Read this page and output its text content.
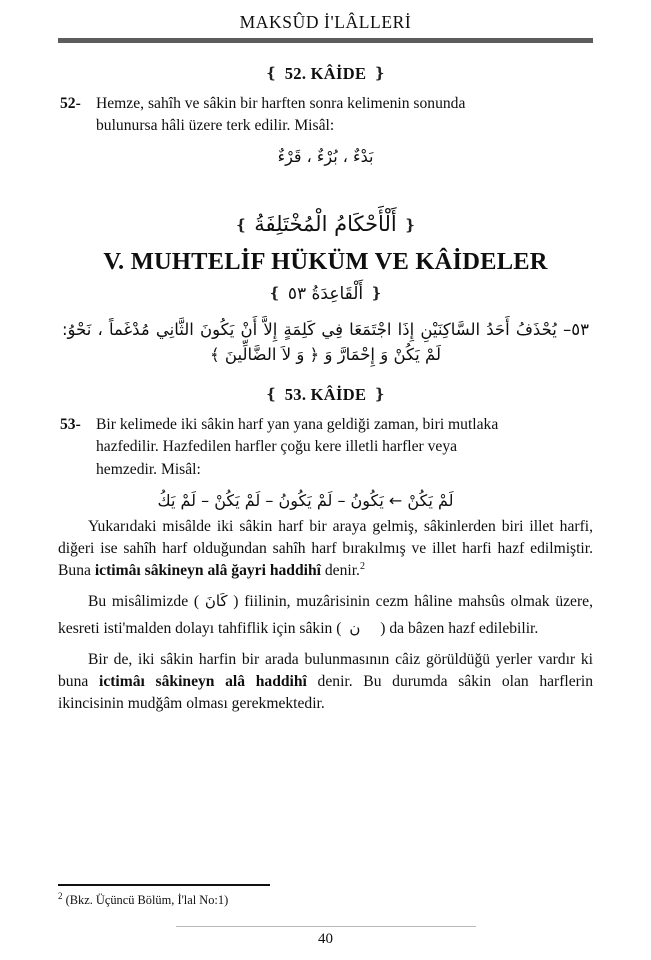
MAKSÛD İ'LÂLLERİ
❴ 52. KÂİDE ❵
52- Hemze, sahîh ve sâkin bir harften sonra kelimenin sonunda
bulunursa hâli üzere terk edilir. Misâl:
بَدْءٌ ، بُرْءٌ ، قَرْءٌ
❴أَلْأَحْكَامُ الْمُخْتَلِفَةُ❵
V. MUHTELİF HÜKÜM VE KÂİDELER
❴أَلْقَاعِدَةُ ٥٣❵
٥٣– يُحْذَفُ أَحَدُ السَّاكِنَيْنِ إِذَا اجْتَمَعَا فِي كَلِمَةٍ إِلاَّ أَنْ يَكُونَ الثَّانِي مُدْغَماً ، نَحْوُ:
لَمْ يَكُنْ وَ إِحْمَارَّ وَ ﴿ وَ لاَ الضَّالِّينَ ﴾
❴ 53. KÂİDE ❵
53- Bir kelimede iki sâkin harf yan yana geldiği zaman, biri mutlaka
hazfedilir. Hazfedilen harfler çoğu kere illetli harfler veya
hemzedir. Misâl:
لَمْ يَكُنْ ← يَكُونُ – لَمْ يَكُونُ – لَمْ يَكُنْ – لَمْ يَكُ

Yukarıdaki misâlde iki sâkin harf bir araya gelmiş, sâkinlerden biri illet harfi, diğeri ise sahîh harf olduğundan sahîh harf bırakılmış ve illet harfi hazf edilmiştir. Buna ictimâı sâkineyn alâ ğayri haddihî denir.$^2$

Bu misâlimizde ( كَانَ ) fiilinin, muzârisinin cezm hâline mahsûs olmak üzere, kesreti isti'malden dolayı tahfiflik için sâkin ( ن ) da bâzen hazf edilebilir.

Bir de, iki sâkin harfin bir arada bulunmasının câiz görüldüğü yerler vardır ki buna ictimâı sâkineyn alâ haddihî denir. Bu durumda sâkin olan harflerin ikincisinin mudğâm olması gerekmektedir.

$^2$ (Bkz. Üçüncü Bölüm, İ'lal No:1)

40
